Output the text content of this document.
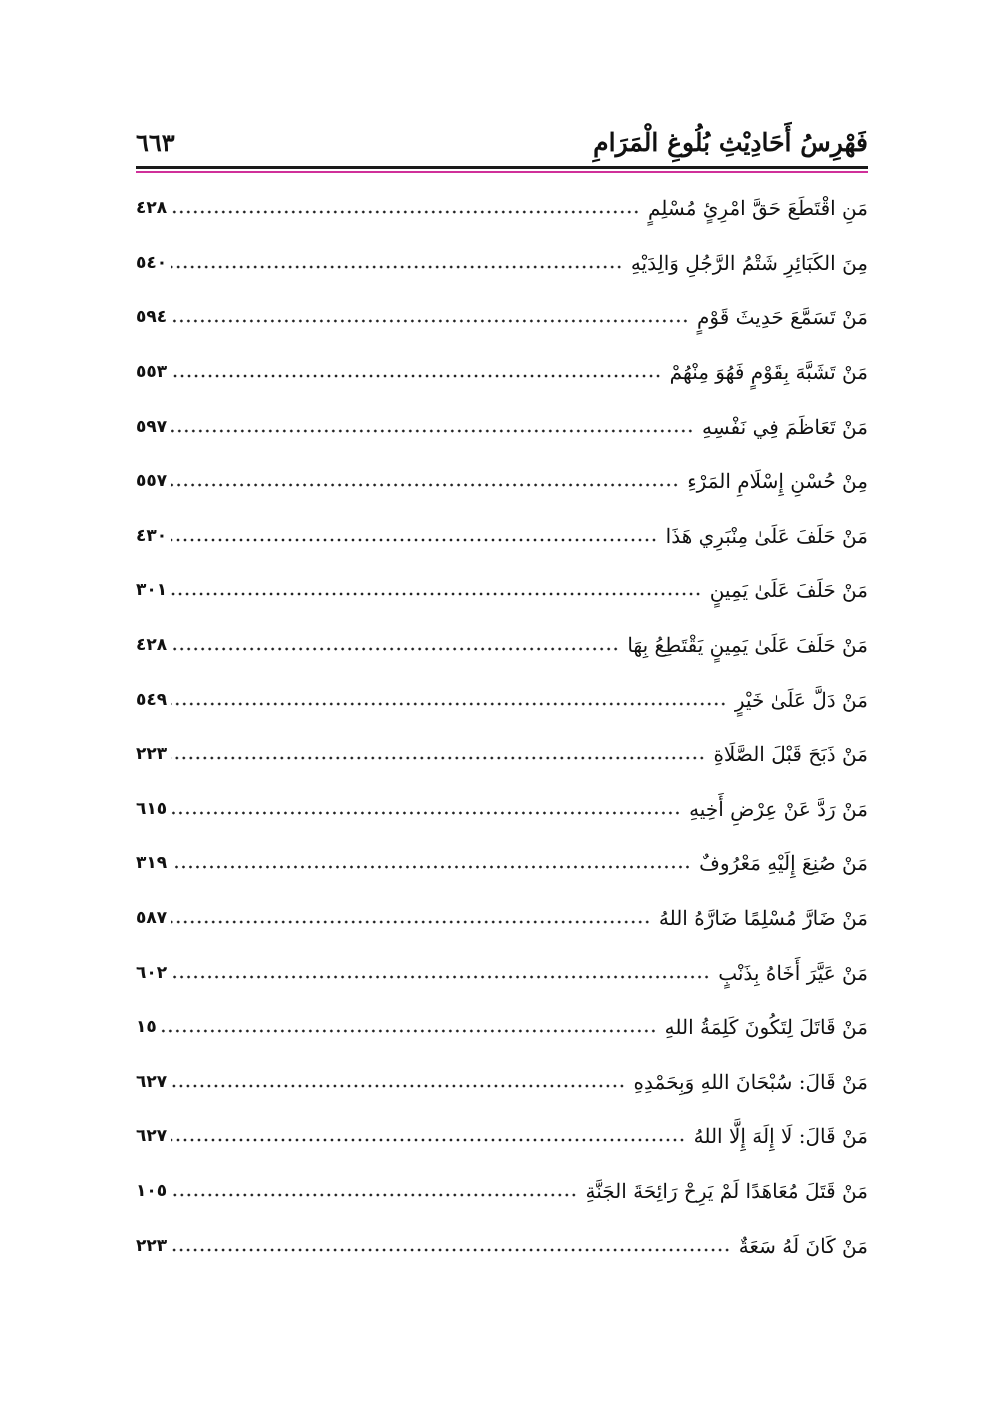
فَهْرِسُ أَحَادِيْثِ بُلُوغِ الْمَرَامِ
٦٦٣
مَنِ اقْتَطَعَ حَقَّ امْرِئٍ مُسْلِمٍ
٤٢٨
مِنَ الكَبَائِرِ شَتْمُ الرَّجُلِ وَالِدَيْهِ
٥٤٠
مَنْ تَسَمَّعَ حَدِيثَ قَوْمٍ
٥٩٤
مَنْ تَشَبَّهَ بِقَوْمٍ فَهُوَ مِنْهُمْ
٥٥٣
مَنْ تَعَاظَمَ فِي نَفْسِهِ
٥٩٧
مِنْ حُسْنِ إِسْلَامِ المَرْءِ
٥٥٧
مَنْ حَلَفَ عَلَىٰ مِنْبَرِي هَذَا
٤٣٠
مَنْ حَلَفَ عَلَىٰ يَمِينٍ
٣٠١
مَنْ حَلَفَ عَلَىٰ يَمِينٍ يَقْتَطِعُ بِهَا
٤٢٨
مَنْ دَلَّ عَلَىٰ خَيْرٍ
٥٤٩
مَنْ ذَبَحَ قَبْلَ الصَّلَاةِ
٢٢٣
مَنْ رَدَّ عَنْ عِرْضِ أَخِيهِ
٦١٥
مَنْ صُنِعَ إِلَيْهِ مَعْرُوفٌ
٣١٩
مَنْ ضَارَّ مُسْلِمًا ضَارَّهُ اللهُ
٥٨٧
مَنْ عَيَّرَ أَخَاهُ بِذَنْبٍ
٦٠٢
مَنْ قَاتَلَ لِتَكُونَ كَلِمَةُ اللهِ
١٥
مَنْ قَالَ: سُبْحَانَ اللهِ وَبِحَمْدِهِ
٦٢٧
مَنْ قَالَ: لَا إِلَهَ إِلَّا اللهُ
٦٢٧
مَنْ قَتَلَ مُعَاهَدًا لَمْ يَرِحْ رَائِحَةَ الجَنَّةِ
١٠٥
مَنْ كَانَ لَهُ سَعَةٌ
٢٢٣
